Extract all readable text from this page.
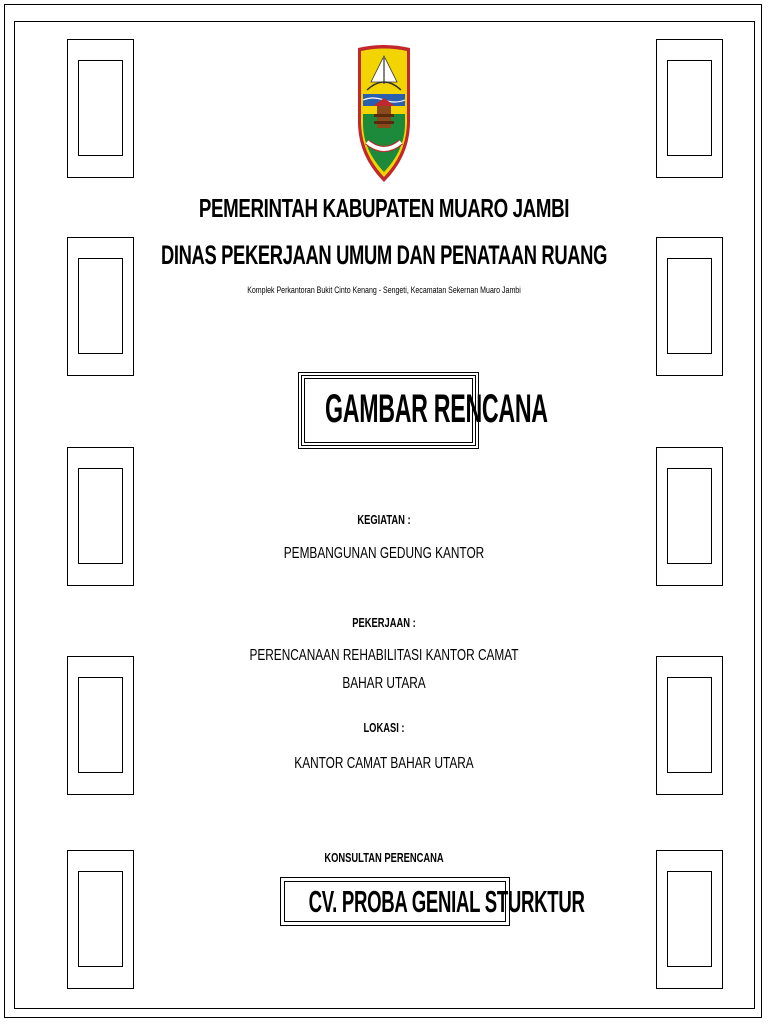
PEMERINTAH KABUPATEN MUARO JAMBI
DINAS PEKERJAAN UMUM DAN PENATAAN RUANG
Komplek Perkantoran Bukit Cinto Kenang - Sengeti, Kecamatan Sekernan Muaro Jambi
GAMBAR RENCANA
KEGIATAN :
PEMBANGUNAN GEDUNG KANTOR
PEKERJAAN :
PERENCANAAN REHABILITASI KANTOR CAMAT
BAHAR UTARA
LOKASI :
KANTOR CAMAT BAHAR UTARA
KONSULTAN PERENCANA
CV. PROBA GENIAL STURKTUR
